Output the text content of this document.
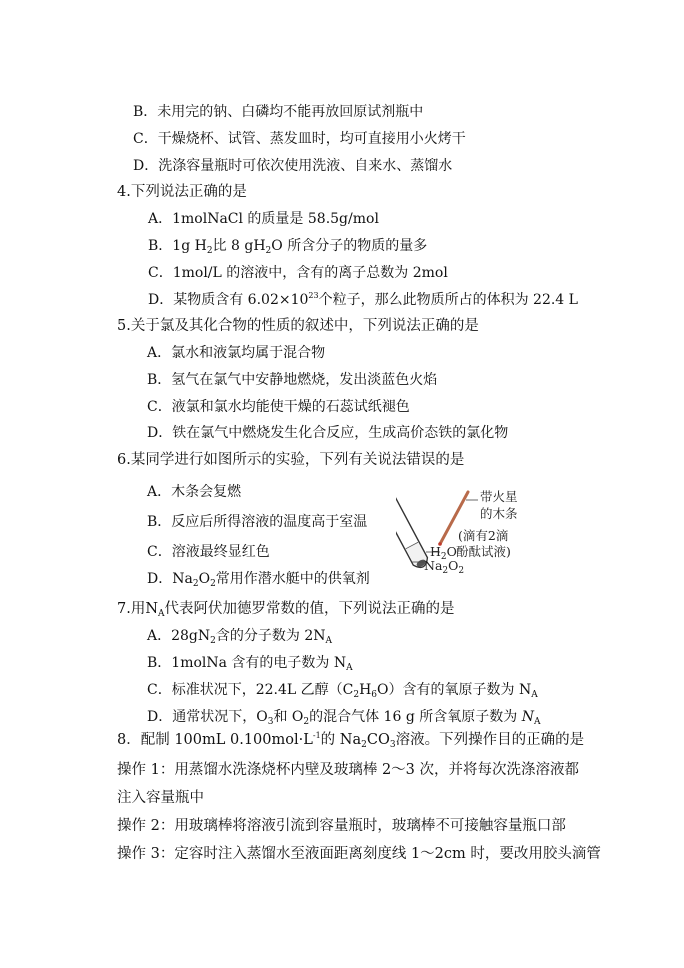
B．未用完的钠、白磷均不能再放回原试剂瓶中
C．干燥烧杯、试管、蒸发皿时，均可直接用小火烤干
D．洗涤容量瓶时可依次使用洗液、自来水、蒸馏水
4.下列说法正确的是
A．1molNaCl 的质量是 58.5g/mol
B．1g $H_2$比 8 $gH_2O$ 所含分子的物质的量多
C．1mol/L 的溶液中，含有的离子总数为 2mol
D．某物质含有 $6.02\times 10^{23}$个粒子，那么此物质所占的体积为 22.4 L
5.关于氯及其化合物的性质的叙述中，下列说法正确的是
A．氯水和液氯均属于混合物
B．氢气在氯气中安静地燃烧，发出淡蓝色火焰
C．液氯和氯水均能使干燥的石蕊试纸褪色
D．铁在氯气中燃烧发生化合反应，生成高价态铁的氯化物
6.某同学进行如图所示的实验，下列有关说法错误的是
A．木条会复燃
B．反应后所得溶液的温度高于室温
C．溶液最终显红色
D．$Na_2O_2$常用作潜水艇中的供氧剂
带火星
的木条
(滴有2滴
$H_2O$ 酚酞试液)
$Na_2O_2$
7.用$N_A$代表阿伏加德罗常数的值，下列说法正确的是
A．$28gN_2$含的分子数为 $2N_A$
B．1molNa 含有的电子数为 $N_A$
C．标准状况下，22.4L 乙醇$(C_2H_6O)$含有的氧原子数为 $N_A$
D．通常状况下，$O_3$和 $O_2$的混合气体 16 g 所含氧原子数为 $N_A$
8．配制 100mL $0.100mol\cdot L^{-1}$的 $Na_2CO_3$溶液。下列操作目的正确的是
操作 1：用蒸馏水洗涤烧杯内壁及玻璃棒 2～3 次，并将每次洗涤溶液都
注入容量瓶中
操作 2：用玻璃棒将溶液引流到容量瓶时，玻璃棒不可接触容量瓶口部
操作 3：定容时注入蒸馏水至液面距离刻度线 1～2cm 时，要改用胶头滴管
